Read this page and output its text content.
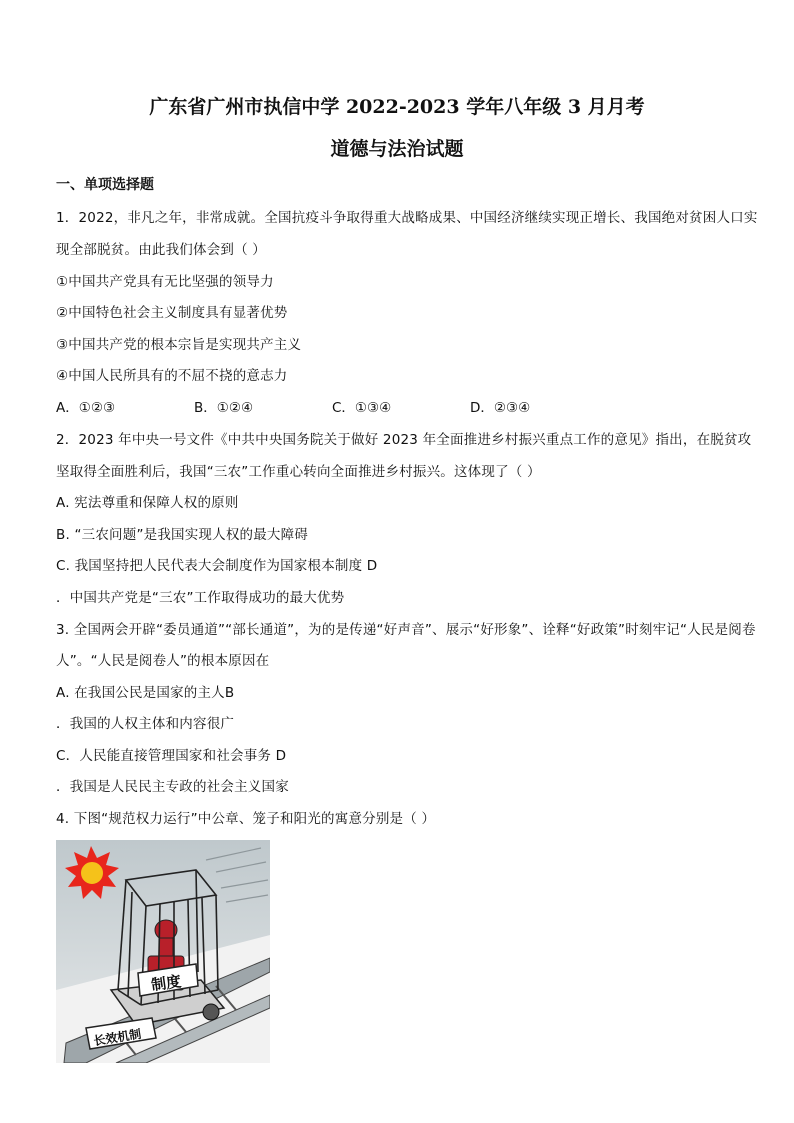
广东省广州市执信中学 2022-2023 学年八年级 3 月月考
道德与法治试题
一、单项选择题
1．2022，非凡之年，非常成就。全国抗疫斗争取得重大战略成果、中国经济继续实现正增长、我国绝对贫困人口实
现全部脱贫。由此我们体会到（ ）
①中国共产党具有无比坚强的领导力
②中国特色社会主义制度具有显著优势
③中国共产党的根本宗旨是实现共产主义
④中国人民所具有的不屈不挠的意志力
A．①②③	B．①②④	C．①③④	D．②③④
2．2023 年中央一号文件《中共中央国务院关于做好 2023 年全面推进乡村振兴重点工作的意见》指出，在脱贫攻
坚取得全面胜利后，我国“三农”工作重心转向全面推进乡村振兴。这体现了（ ）
A. 宪法尊重和保障人权的原则
B. “三农问题”是我国实现人权的最大障碍
C. 我国坚持把人民代表大会制度作为国家根本制度 D
．中国共产党是“三农”工作取得成功的最大优势
3. 全国两会开辟“委员通道”“部长通道”，为的是传递“好声音”、展示“好形象”、诠释“好政策”时刻牢记“人民是阅卷
人”。“人民是阅卷人”的根本原因在
A. 在我国公民是国家的主人B
．我国的人权主体和内容很广
C．人民能直接管理国家和社会事务 D
．我国是人民民主专政的社会主义国家
4. 下图“规范权力运行”中公章、笼子和阳光的寓意分别是（ ）
制度
长效机制
